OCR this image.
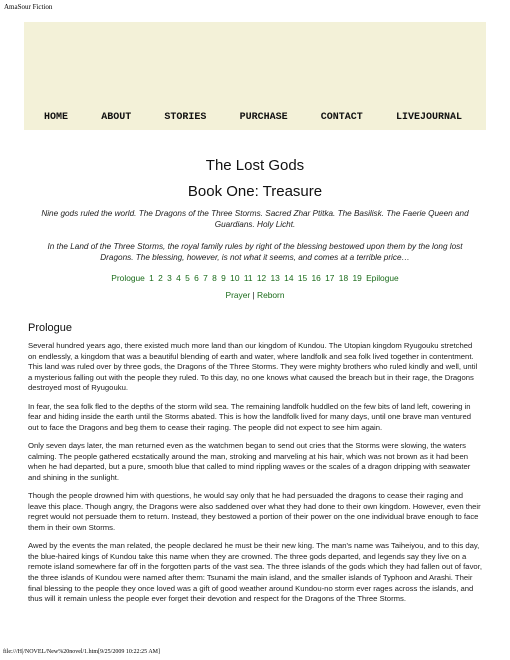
AmaSour Fiction
HOME	ABOUT	STORIES	PURCHASE	CONTACT	LIVEJOURNAL
The Lost Gods
Book One: Treasure
Nine gods ruled the world. The Dragons of the Three Storms. Sacred Zhar Ptitka. The Basilisk. The Faerie Queen and Guardians. Holy Licht.
In the Land of the Three Storms, the royal family rules by right of the blessing bestowed upon them by the long lost Dragons. The blessing, however, is not what it seems, and comes at a terrible price…
Prologue 1 2 3 4 5 6 7 8 9 10 11 12 13 14 15 16 17 18 19 Epilogue
Prayer | Reborn
Prologue

Several hundred years ago, there existed much more land than our kingdom of Kundou. The Utopian kingdom Ryugouku stretched on endlessly, a kingdom that was a beautiful blending of earth and water, where landfolk and sea folk lived together in contentment. This land was ruled over by three gods, the Dragons of the Three Storms. They were mighty brothers who ruled kindly and well, until a mysterious falling out with the people they ruled. To this day, no one knows what caused the breach but in their rage, the Dragons destroyed most of Ryugouku.

In fear, the sea folk fled to the depths of the storm wild sea. The remaining landfolk huddled on the few bits of land left, cowering in fear and hiding inside the earth until the Storms abated. This is how the landfolk lived for many days, until one brave man ventured out to face the Dragons and beg them to cease their raging. The people did not expect to see him again.

Only seven days later, the man returned even as the watchmen began to send out cries that the Storms were slowing, the waters calming. The people gathered ecstatically around the man, stroking and marveling at his hair, which was not brown as it had been when he had departed, but a pure, smooth blue that called to mind rippling waves or the scales of a dragon dripping with seawater and shining in the sunlight.

Though the people drowned him with questions, he would say only that he had persuaded the dragons to cease their raging and leave this place. Though angry, the Dragons were also saddened over what they had done to their own kingdom. However, even their regret would not persuade them to return. Instead, they bestowed a portion of their power on the one individual brave enough to face them in their own Storms.

Awed by the events the man related, the people declared he must be their new king. The man's name was Taiheiyou, and to this day, the blue-haired kings of Kundou take this name when they are crowned. The three gods departed, and legends say they live on a remote island somewhere far off in the forgotten parts of the vast sea. The three islands of the gods which they had fallen out of favor, the three islands of Kundou were named after them: Tsunami the main island, and the smaller islands of Typhoon and Arashi. Their final blessing to the people they once loved was a gift of good weather around Kundou-no storm ever rages across the islands, and thus will it remain unless the people ever forget their devotion and respect for the Dragons of the Three Storms.

file:///H|/NOVEL/New%20novel/1.htm[9/25/2009 10:22:25 AM]
